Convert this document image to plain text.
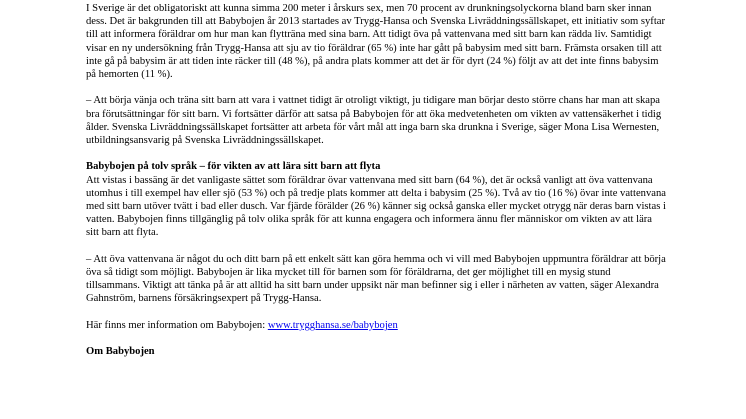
I Sverige är det obligatoriskt att kunna simma 200 meter i årskurs sex, men 70 procent av drunkningsolyckorna bland barn sker innan dess. Det är bakgrunden till att Babybojen år 2013 startades av Trygg-Hansa och Svenska Livräddningssällskapet, ett initiativ som syftar till att informera föräldrar om hur man kan flytträna med sina barn. Att tidigt öva på vattenvana med sitt barn kan rädda liv. Samtidigt visar en ny undersökning från Trygg-Hansa att sju av tio föräldrar (65 %) inte har gått på babysim med sitt barn. Främsta orsaken till att inte gå på babysim är att tiden inte räcker till (48 %), på andra plats kommer att det är för dyrt (24 %) följt av att det inte finns babysim på hemorten (11 %).

– Att börja vänja och träna sitt barn att vara i vattnet tidigt är otroligt viktigt, ju tidigare man börjar desto större chans har man att skapa bra förutsättningar för sitt barn. Vi fortsätter därför att satsa på Babybojen för att öka medvetenheten om vikten av vattensäkerhet i tidig ålder. Svenska Livräddningssällskapet fortsätter att arbeta för vårt mål att inga barn ska drunkna i Sverige, säger Mona Lisa Wernesten, utbildningsansvarig på Svenska Livräddningssällskapet.

Babybojen på tolv språk – för vikten av att lära sitt barn att flyta

Att vistas i bassäng är det vanligaste sättet som föräldrar övar vattenvana med sitt barn (64 %), det är också vanligt att öva vattenvana utomhus i till exempel hav eller sjö (53 %) och på tredje plats kommer att delta i babysim (25 %). Två av tio (16 %) övar inte vattenvana med sitt barn utöver tvätt i bad eller dusch. Var fjärde förälder (26 %) känner sig också ganska eller mycket otrygg när deras barn vistas i vatten. Babybojen finns tillgänglig på tolv olika språk för att kunna engagera och informera ännu fler människor om vikten av att lära sitt barn att flyta.

– Att öva vattenvana är något du och ditt barn på ett enkelt sätt kan göra hemma och vi vill med Babybojen uppmuntra föräldrar att börja öva så tidigt som möjligt. Babybojen är lika mycket till för barnen som för föräldrarna, det ger möjlighet till en mysig stund tillsammans. Viktigt att tänka på är att alltid ha sitt barn under uppsikt när man befinner sig i eller i närheten av vatten, säger Alexandra Gahnström, barnens försäkringsexpert på Trygg-Hansa.

Här finns mer information om Babybojen: www.trygghansa.se/babybojen

Om Babybojen
